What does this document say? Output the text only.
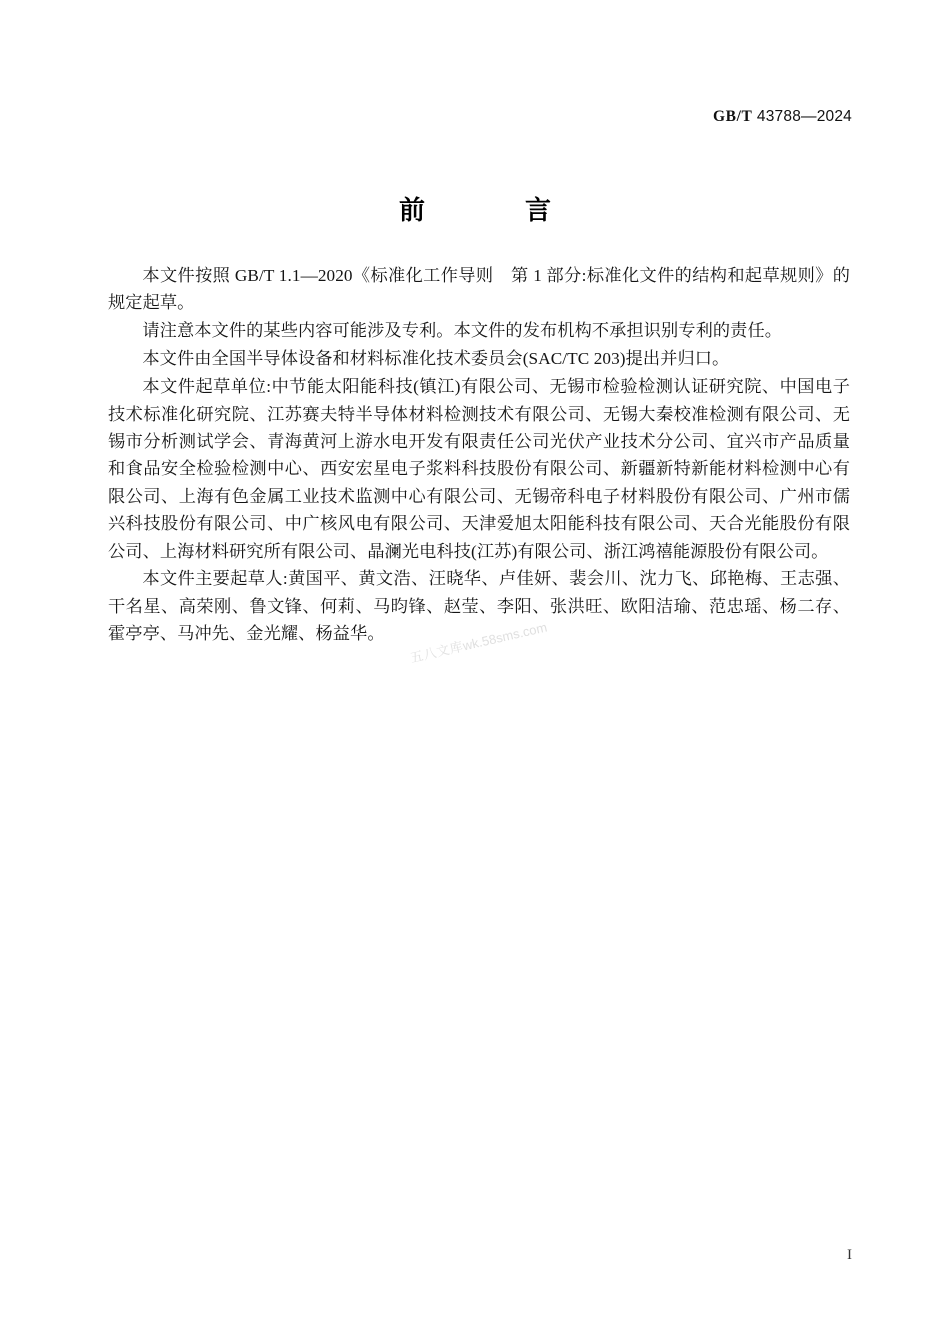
GB/T 43788—2024
前　　言

本文件按照 GB/T 1.1—2020《标准化工作导则　第 1 部分:标准化文件的结构和起草规则》的规定起草。

请注意本文件的某些内容可能涉及专利。本文件的发布机构不承担识别专利的责任。

本文件由全国半导体设备和材料标准化技术委员会(SAC/TC 203)提出并归口。

本文件起草单位:中节能太阳能科技(镇江)有限公司、无锡市检验检测认证研究院、中国电子技术标准化研究院、江苏赛夫特半导体材料检测技术有限公司、无锡大秦校准检测有限公司、无锡市分析测试学会、青海黄河上游水电开发有限责任公司光伏产业技术分公司、宜兴市产品质量和食品安全检验检测中心、西安宏星电子浆料科技股份有限公司、新疆新特新能材料检测中心有限公司、上海有色金属工业技术监测中心有限公司、无锡帝科电子材料股份有限公司、广州市儒兴科技股份有限公司、中广核风电有限公司、天津爱旭太阳能科技有限公司、天合光能股份有限公司、上海材料研究所有限公司、晶澜光电科技(江苏)有限公司、浙江鸿禧能源股份有限公司。

本文件主要起草人:黄国平、黄文浩、汪晓华、卢佳妍、裴会川、沈力飞、邱艳梅、王志强、干名星、高荣刚、鲁文锋、何莉、马昀锋、赵莹、李阳、张洪旺、欧阳洁瑜、范忠瑶、杨二存、霍亭亭、马冲先、金光耀、杨益华。

五八文库wk.58sms.com
I
